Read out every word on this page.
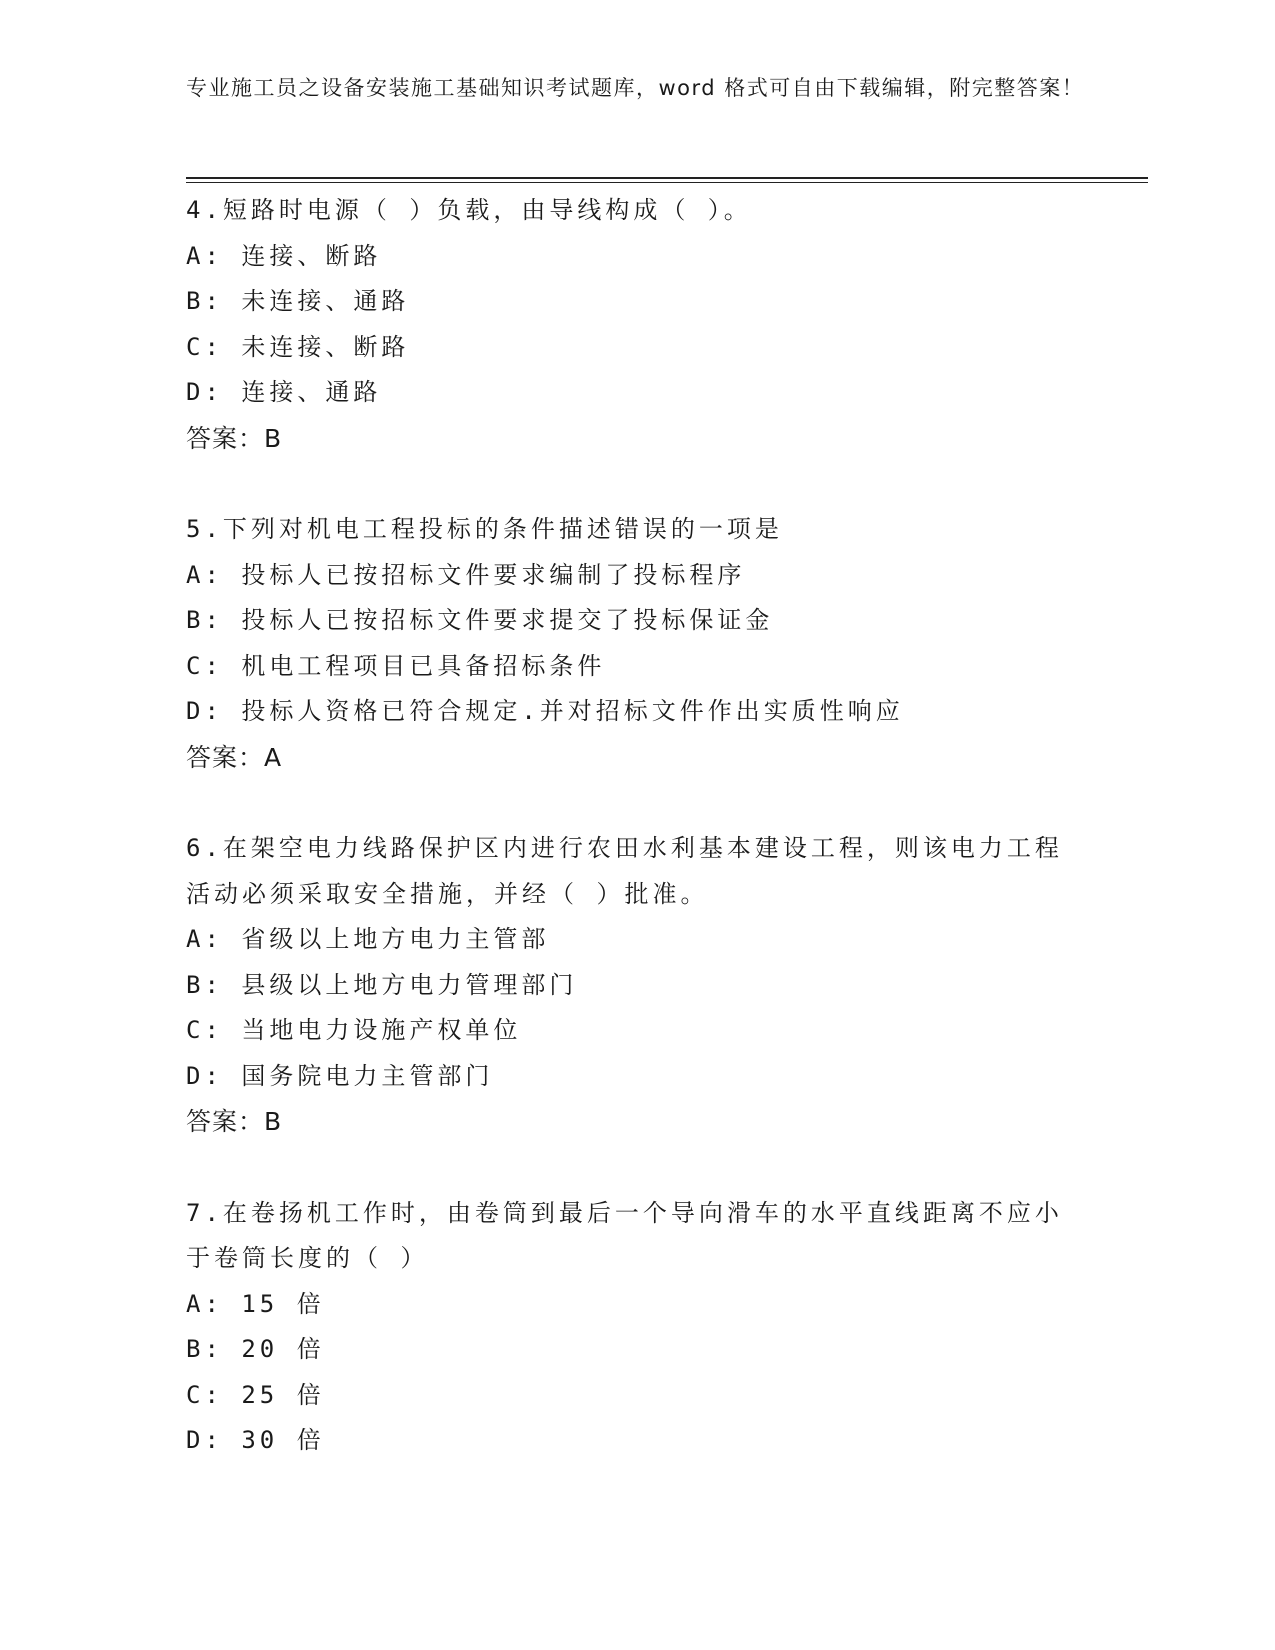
专业施工员之设备安装施工基础知识考试题库，word 格式可自由下载编辑，附完整答案！
4.短路时电源（ ）负载，由导线构成（ ）。
A: 连接、断路
B: 未连接、通路
C: 未连接、断路
D: 连接、通路
答案：B
5.下列对机电工程投标的条件描述错误的一项是
A: 投标人已按招标文件要求编制了投标程序
B: 投标人已按招标文件要求提交了投标保证金
C: 机电工程项目已具备招标条件
D: 投标人资格已符合规定.并对招标文件作出实质性响应
答案：A
6.在架空电力线路保护区内进行农田水利基本建设工程，则该电力工程活动必须采取安全措施，并经（ ）批准。
A: 省级以上地方电力主管部
B: 县级以上地方电力管理部门
C: 当地电力设施产权单位
D: 国务院电力主管部门
答案：B
7.在卷扬机工作时，由卷筒到最后一个导向滑车的水平直线距离不应小于卷筒长度的（ ）
A: 15 倍
B: 20 倍
C: 25 倍
D: 30 倍
